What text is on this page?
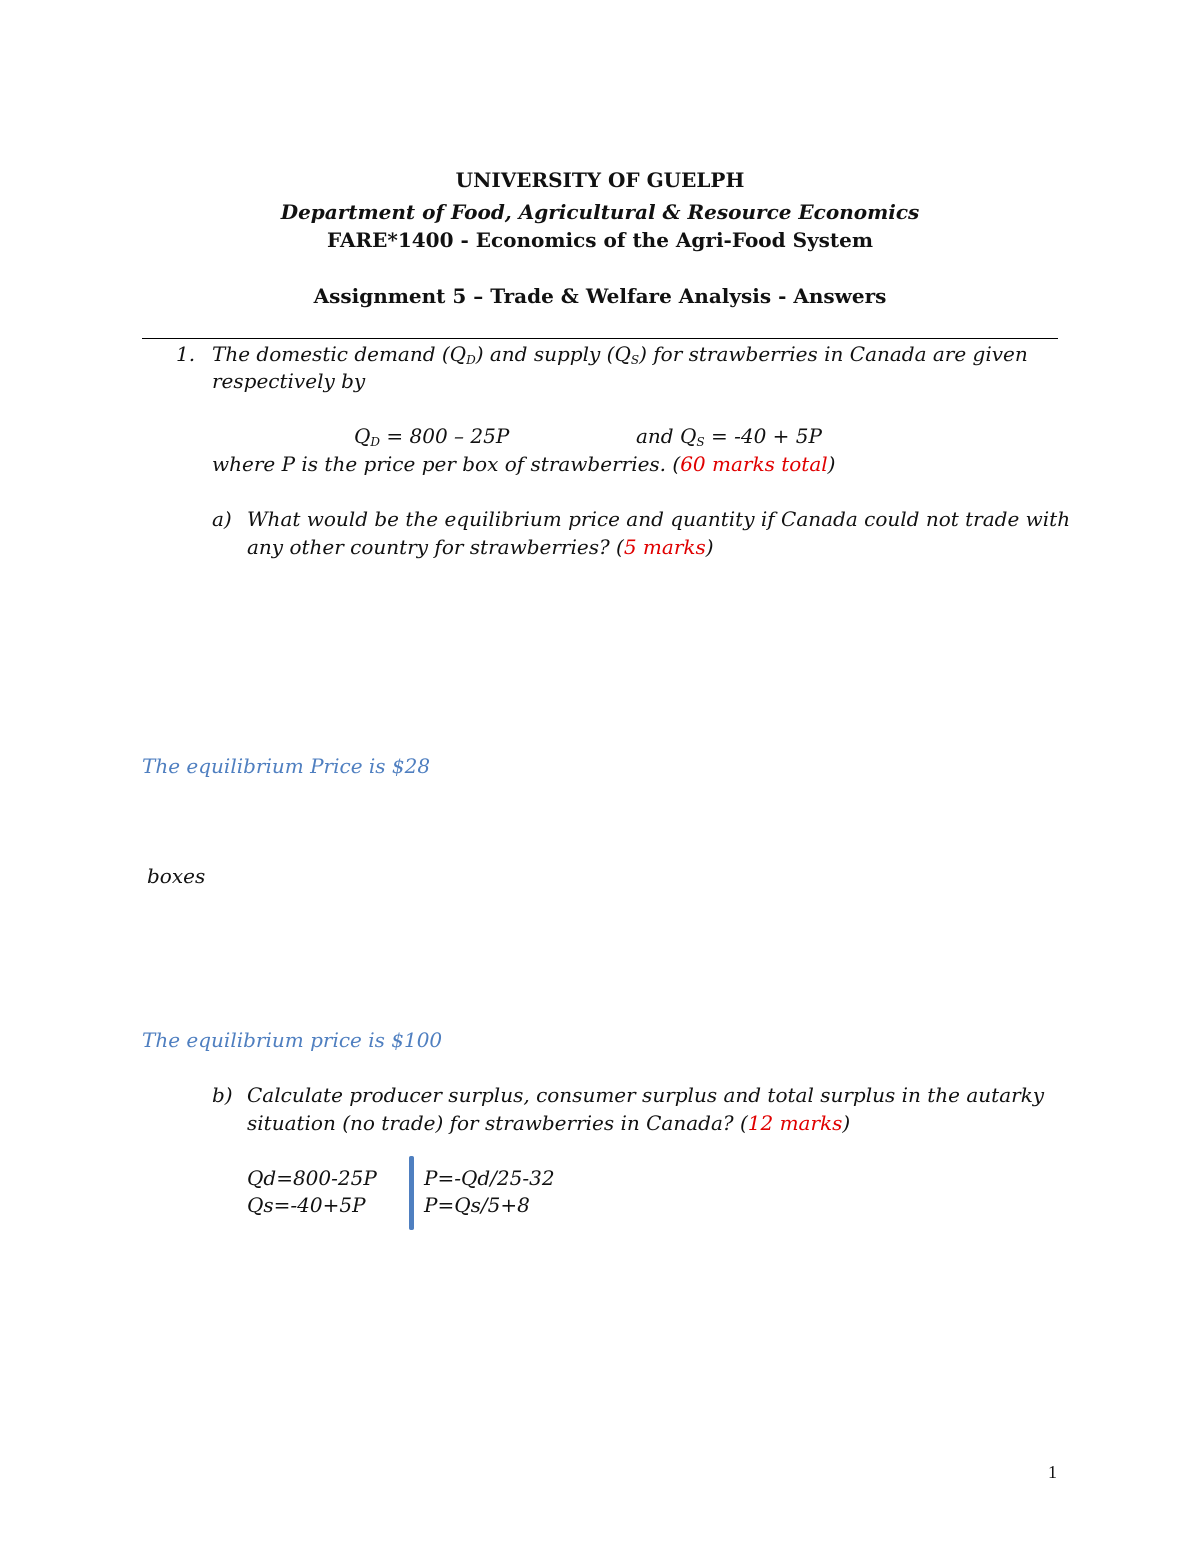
UNIVERSITY OF GUELPH
Department of Food, Agricultural & Resource Economics
FARE*1400 - Economics of the Agri-Food System
Assignment 5 – Trade & Welfare Analysis - Answers
1. The domestic demand $(Q_D)$ and supply $(Q_S)$ for strawberries in Canada are given
respectively by
$Q_D = 800 - 25P$	and $Q_S = -40 + 5P$
where P is the price per box of strawberries. (60 marks total)
a) What would be the equilibrium price and quantity if Canada could not trade with
any other country for strawberries? (5 marks)
The equilibrium Price is $28
boxes
The equilibrium price is $100
b) Calculate producer surplus, consumer surplus and total surplus in the autarky
situation (no trade) for strawberries in Canada? (12 marks)
Qd=800-25P
Qs=-40+5P
P=-Qd/25-32
P=Qs/5+8
1
